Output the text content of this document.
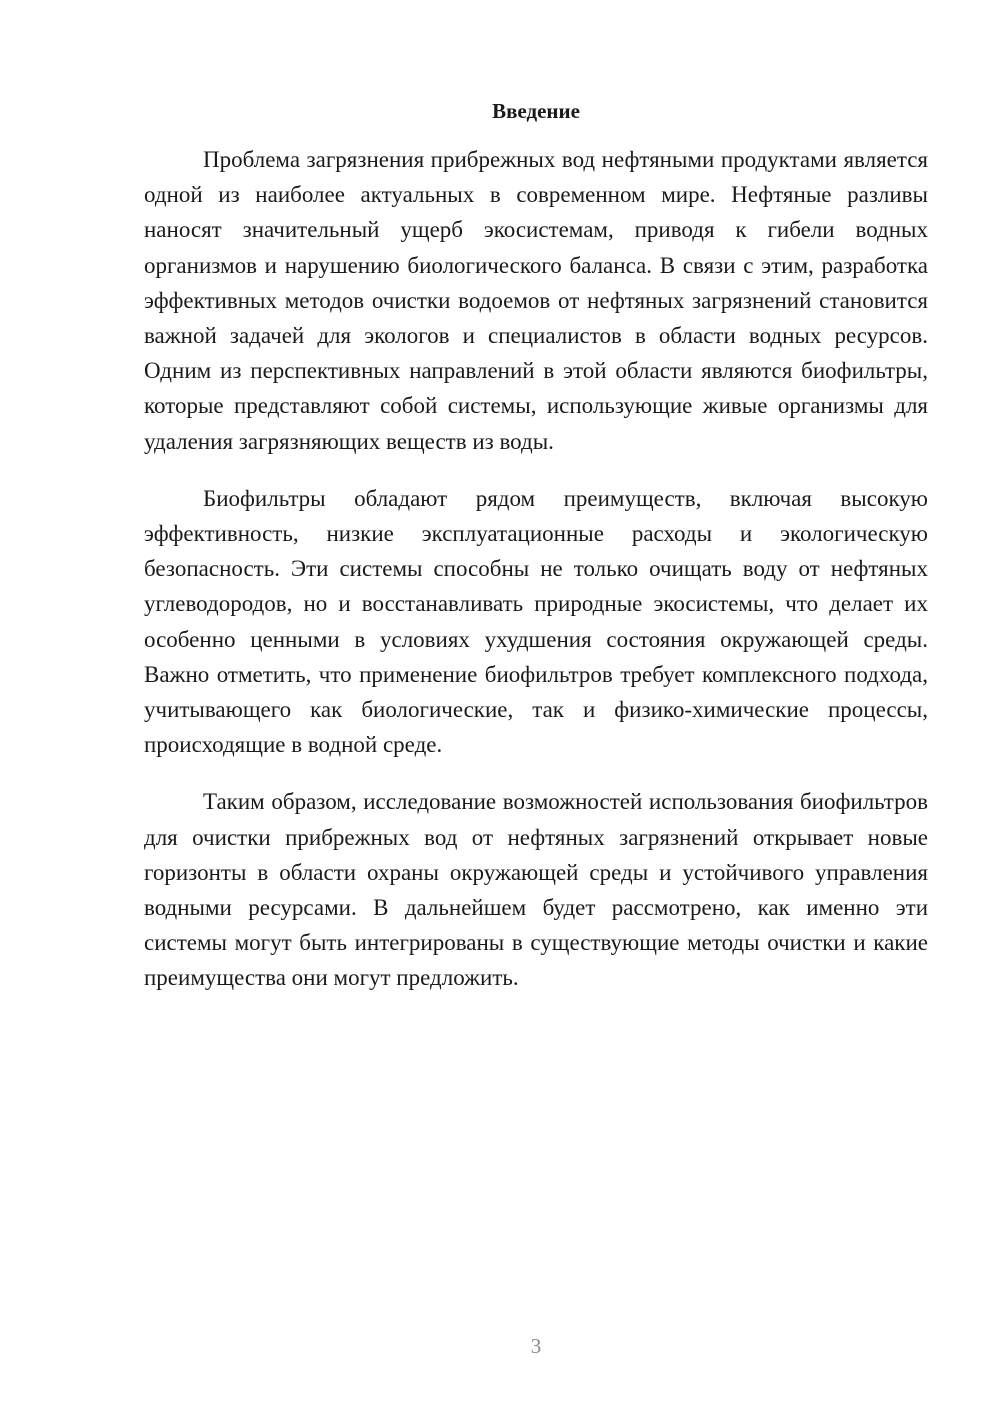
Введение

Проблема загрязнения прибрежных вод нефтяными продуктами является одной из наиболее актуальных в современном мире. Нефтяные разливы наносят значительный ущерб экосистемам, приводя к гибели водных организмов и нарушению биологического баланса. В связи с этим, разработка эффективных методов очистки водоемов от нефтяных загрязнений становится важной задачей для экологов и специалистов в области водных ресурсов. Одним из перспективных направлений в этой области являются биофильтры, которые представляют собой системы, использующие живые организмы для удаления загрязняющих веществ из воды.

Биофильтры обладают рядом преимуществ, включая высокую эффективность, низкие эксплуатационные расходы и экологическую безопасность. Эти системы способны не только очищать воду от нефтяных углеводородов, но и восстанавливать природные экосистемы, что делает их особенно ценными в условиях ухудшения состояния окружающей среды. Важно отметить, что применение биофильтров требует комплексного подхода, учитывающего как биологические, так и физико-химические процессы, происходящие в водной среде.

Таким образом, исследование возможностей использования биофильтров для очистки прибрежных вод от нефтяных загрязнений открывает новые горизонты в области охраны окружающей среды и устойчивого управления водными ресурсами. В дальнейшем будет рассмотрено, как именно эти системы могут быть интегрированы в существующие методы очистки и какие преимущества они могут предложить.

3
